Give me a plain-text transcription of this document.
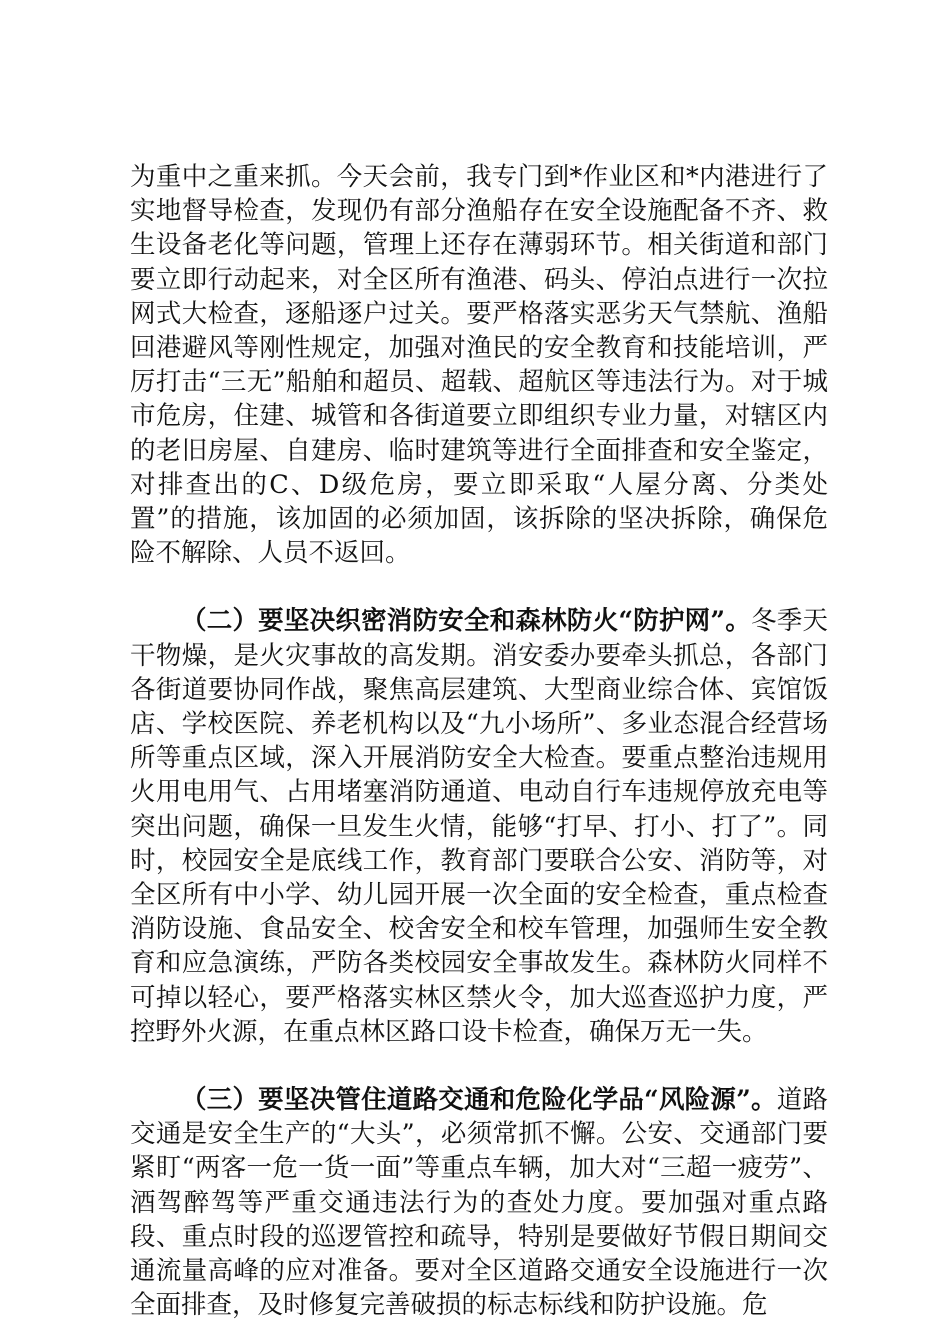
为重中之重来抓。今天会前，我专门到*作业区和*内港进行了实地督导检查，发现仍有部分渔船存在安全设施配备不齐、救生设备老化等问题，管理上还存在薄弱环节。相关街道和部门要立即行动起来，对全区所有渔港、码头、停泊点进行一次拉网式大检查，逐船逐户过关。要严格落实恶劣天气禁航、渔船回港避风等刚性规定，加强对渔民的安全教育和技能培训，严厉打击“三无”船舶和超员、超载、超航区等违法行为。对于城市危房，住建、城管和各街道要立即组织专业力量，对辖区内的老旧房屋、自建房、临时建筑等进行全面排查和安全鉴定，对排查出的C、D级危房，要立即采取“人屋分离、分类处置”的措施，该加固的必须加固，该拆除的坚决拆除，确保危险不解除、人员不返回。

（二）要坚决织密消防安全和森林防火“防护网”。冬季天干物燥，是火灾事故的高发期。消安委办要牵头抓总，各部门各街道要协同作战，聚焦高层建筑、大型商业综合体、宾馆饭店、学校医院、养老机构以及“九小场所”、多业态混合经营场所等重点区域，深入开展消防安全大检查。要重点整治违规用火用电用气、占用堵塞消防通道、电动自行车违规停放充电等突出问题，确保一旦发生火情，能够“打早、打小、打了”。同时，校园安全是底线工作，教育部门要联合公安、消防等，对全区所有中小学、幼儿园开展一次全面的安全检查，重点检查消防设施、食品安全、校舍安全和校车管理，加强师生安全教育和应急演练，严防各类校园安全事故发生。森林防火同样不可掉以轻心，要严格落实林区禁火令，加大巡查巡护力度，严控野外火源，在重点林区路口设卡检查，确保万无一失。

（三）要坚决管住道路交通和危险化学品“风险源”。道路交通是安全生产的“大头”，必须常抓不懈。公安、交通部门要紧盯“两客一危一货一面”等重点车辆，加大对“三超一疲劳”、酒驾醉驾等严重交通违法行为的查处力度。要加强对重点路段、重点时段的巡逻管控和疏导，特别是要做好节假日期间交通流量高峰的应对准备。要对全区道路交通安全设施进行一次全面排查，及时修复完善破损的标志标线和防护设施。危
